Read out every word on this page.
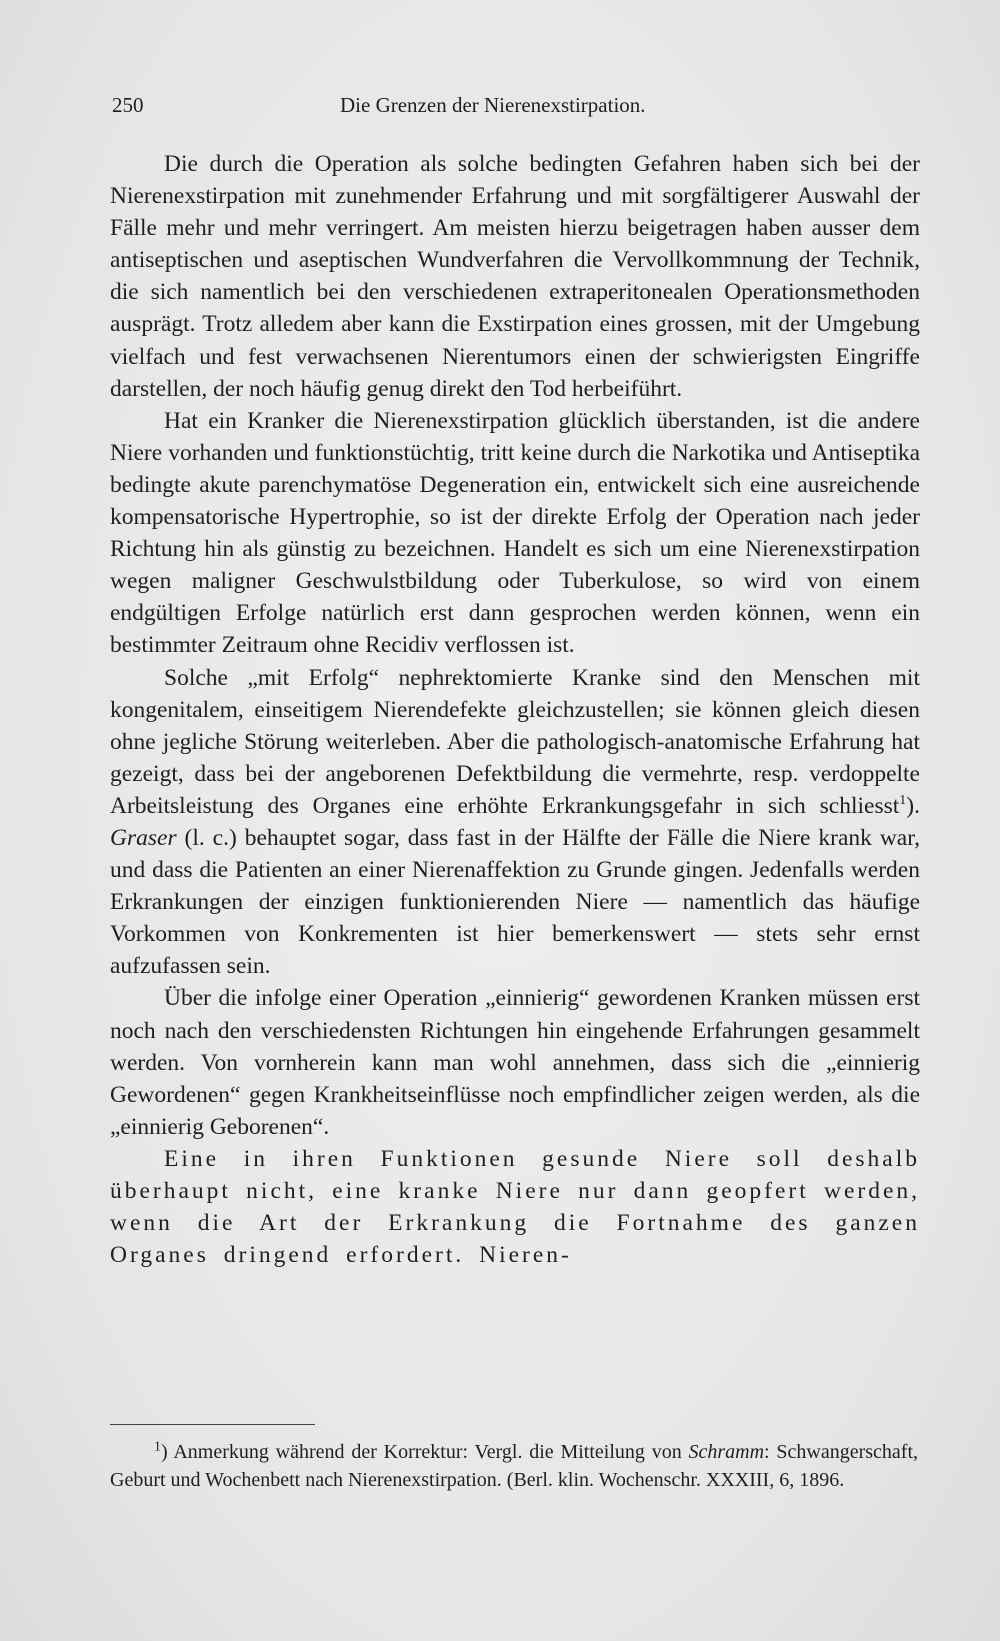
250	Die Grenzen der Nierenexstirpation.

Die durch die Operation als solche bedingten Gefahren haben sich bei der Nierenexstirpation mit zunehmender Erfahrung und mit sorgfältigerer Auswahl der Fälle mehr und mehr verringert. Am meisten hierzu beigetragen haben ausser dem antiseptischen und aseptischen Wundverfahren die Vervollkommnung der Technik, die sich namentlich bei den verschiedenen extraperitonealen Operationsmethoden ausprägt. Trotz alledem aber kann die Exstirpation eines grossen, mit der Umgebung vielfach und fest verwachsenen Nierentumors einen der schwierigsten Eingriffe darstellen, der noch häufig genug direkt den Tod herbeiführt.

Hat ein Kranker die Nierenexstirpation glücklich überstanden, ist die andere Niere vorhanden und funktionstüchtig, tritt keine durch die Narkotika und Antiseptika bedingte akute parenchymatöse Degeneration ein, entwickelt sich eine ausreichende kompensatorische Hypertrophie, so ist der direkte Erfolg der Operation nach jeder Richtung hin als günstig zu bezeichnen. Handelt es sich um eine Nierenexstirpation wegen maligner Geschwulstbildung oder Tuberkulose, so wird von einem endgültigen Erfolge natürlich erst dann gesprochen werden können, wenn ein bestimmter Zeitraum ohne Recidiv verflossen ist.

Solche „mit Erfolg“ nephrektomierte Kranke sind den Menschen mit kongenitalem, einseitigem Nierendefekte gleichzustellen; sie können gleich diesen ohne jegliche Störung weiterleben. Aber die pathologisch-anatomische Erfahrung hat gezeigt, dass bei der angeborenen Defektbildung die vermehrte, resp. verdoppelte Arbeitsleistung des Organes eine erhöhte Erkrankungsgefahr in sich schliesst$^1$). Graser (l. c.) behauptet sogar, dass fast in der Hälfte der Fälle die Niere krank war, und dass die Patienten an einer Nierenaffektion zu Grunde gingen. Jedenfalls werden Erkrankungen der einzigen funktionierenden Niere — namentlich das häufige Vorkommen von Konkrementen ist hier bemerkenswert — stets sehr ernst aufzufassen sein.

Über die infolge einer Operation „einnierig“ gewordenen Kranken müssen erst noch nach den verschiedensten Richtungen hin eingehende Erfahrungen gesammelt werden. Von vornherein kann man wohl annehmen, dass sich die „einnierig Gewordenen“ gegen Krankheitseinflüsse noch empfindlicher zeigen werden, als die „einnierig Geborenen“.

Eine in ihren Funktionen gesunde Niere soll deshalb überhaupt nicht, eine kranke Niere nur dann geopfert werden, wenn die Art der Erkrankung die Fortnahme des ganzen Organes dringend erfordert. Nieren-

$^1$) Anmerkung während der Korrektur: Vergl. die Mitteilung von Schramm: Schwangerschaft, Geburt und Wochenbett nach Nierenexstirpation. (Berl. klin. Wochenschr. XXXIII, 6, 1896.
